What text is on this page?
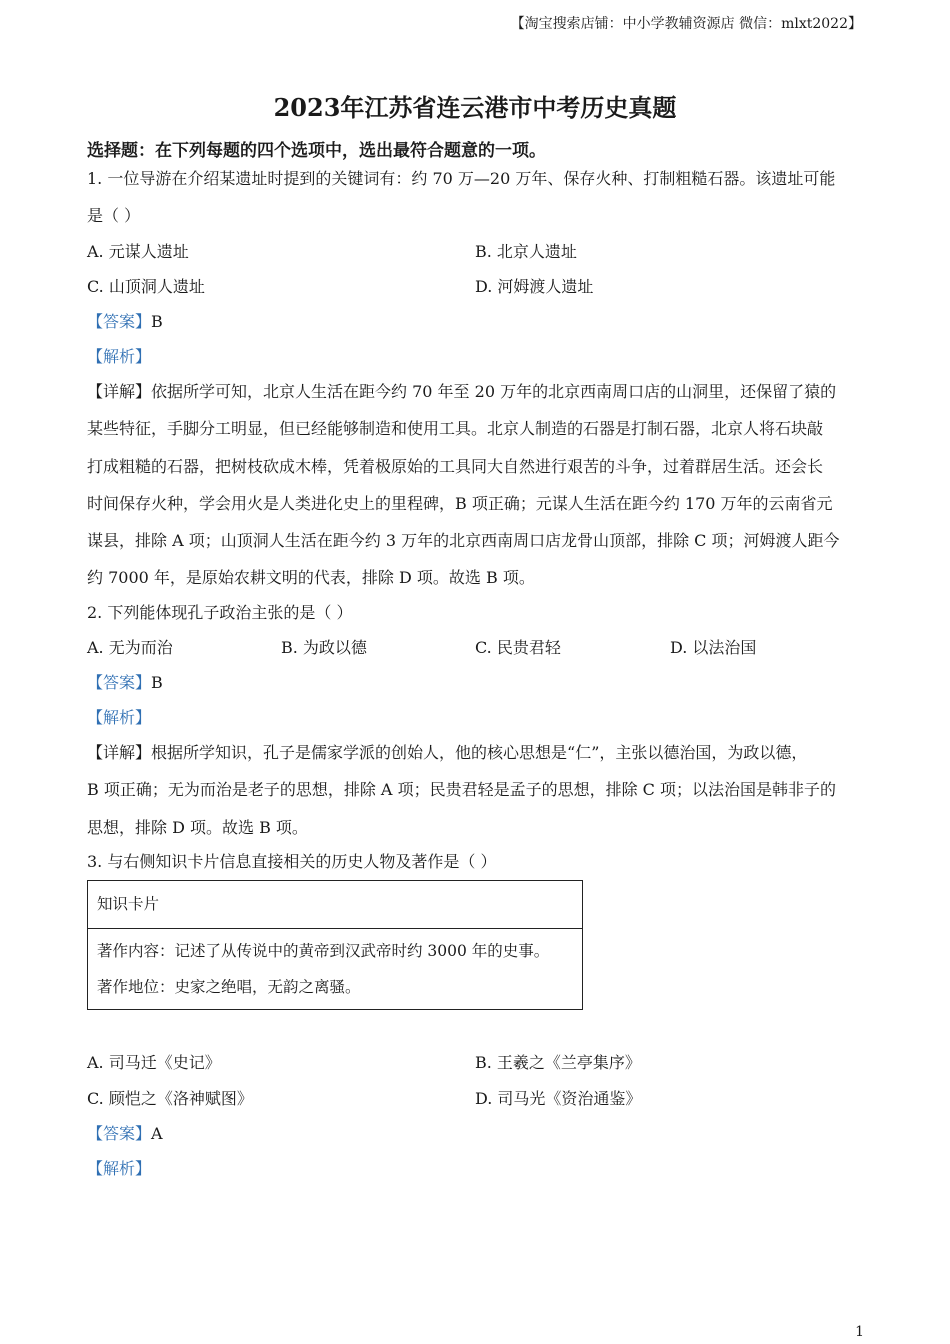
【淘宝搜索店铺：中小学教辅资源店 微信：mlxt2022】
2023年江苏省连云港市中考历史真题
选择题：在下列每题的四个选项中，选出最符合题意的一项。
1. 一位导游在介绍某遗址时提到的关键词有：约 70 万—20 万年、保存火种、打制粗糙石器。该遗址可能
是（ ）
A. 元谋人遗址	B. 北京人遗址
C. 山顶洞人遗址	D. 河姆渡人遗址
【答案】B
【解析】
【详解】依据所学可知，北京人生活在距今约 70 年至 20 万年的北京西南周口店的山洞里，还保留了猿的
某些特征，手脚分工明显，但已经能够制造和使用工具。北京人制造的石器是打制石器，北京人将石块敲
打成粗糙的石器，把树枝砍成木棒，凭着极原始的工具同大自然进行艰苦的斗争，过着群居生活。还会长
时间保存火种，学会用火是人类进化史上的里程碑，B 项正确；元谋人生活在距今约 170 万年的云南省元
谋县，排除 A 项；山顶洞人生活在距今约 3 万年的北京西南周口店龙骨山顶部，排除 C 项；河姆渡人距今
约 7000 年，是原始农耕文明的代表，排除 D 项。故选 B 项。
2. 下列能体现孔子政治主张的是（ ）
A. 无为而治	B. 为政以德	C. 民贵君轻	D. 以法治国
【答案】B
【解析】
【详解】根据所学知识，孔子是儒家学派的创始人，他的核心思想是“仁”，主张以德治国，为政以德，
B 项正确；无为而治是老子的思想，排除 A 项；民贵君轻是孟子的思想，排除 C 项；以法治国是韩非子的
思想，排除 D 项。故选 B 项。
3. 与右侧知识卡片信息直接相关的历史人物及著作是（ ）
知识卡片
著作内容：记述了从传说中的黄帝到汉武帝时约 3000 年的史事。
著作地位：史家之绝唱，无韵之离骚。
A. 司马迁《史记》	B. 王羲之《兰亭集序》
C. 顾恺之《洛神赋图》	D. 司马光《资治通鉴》
【答案】A
【解析】
1
